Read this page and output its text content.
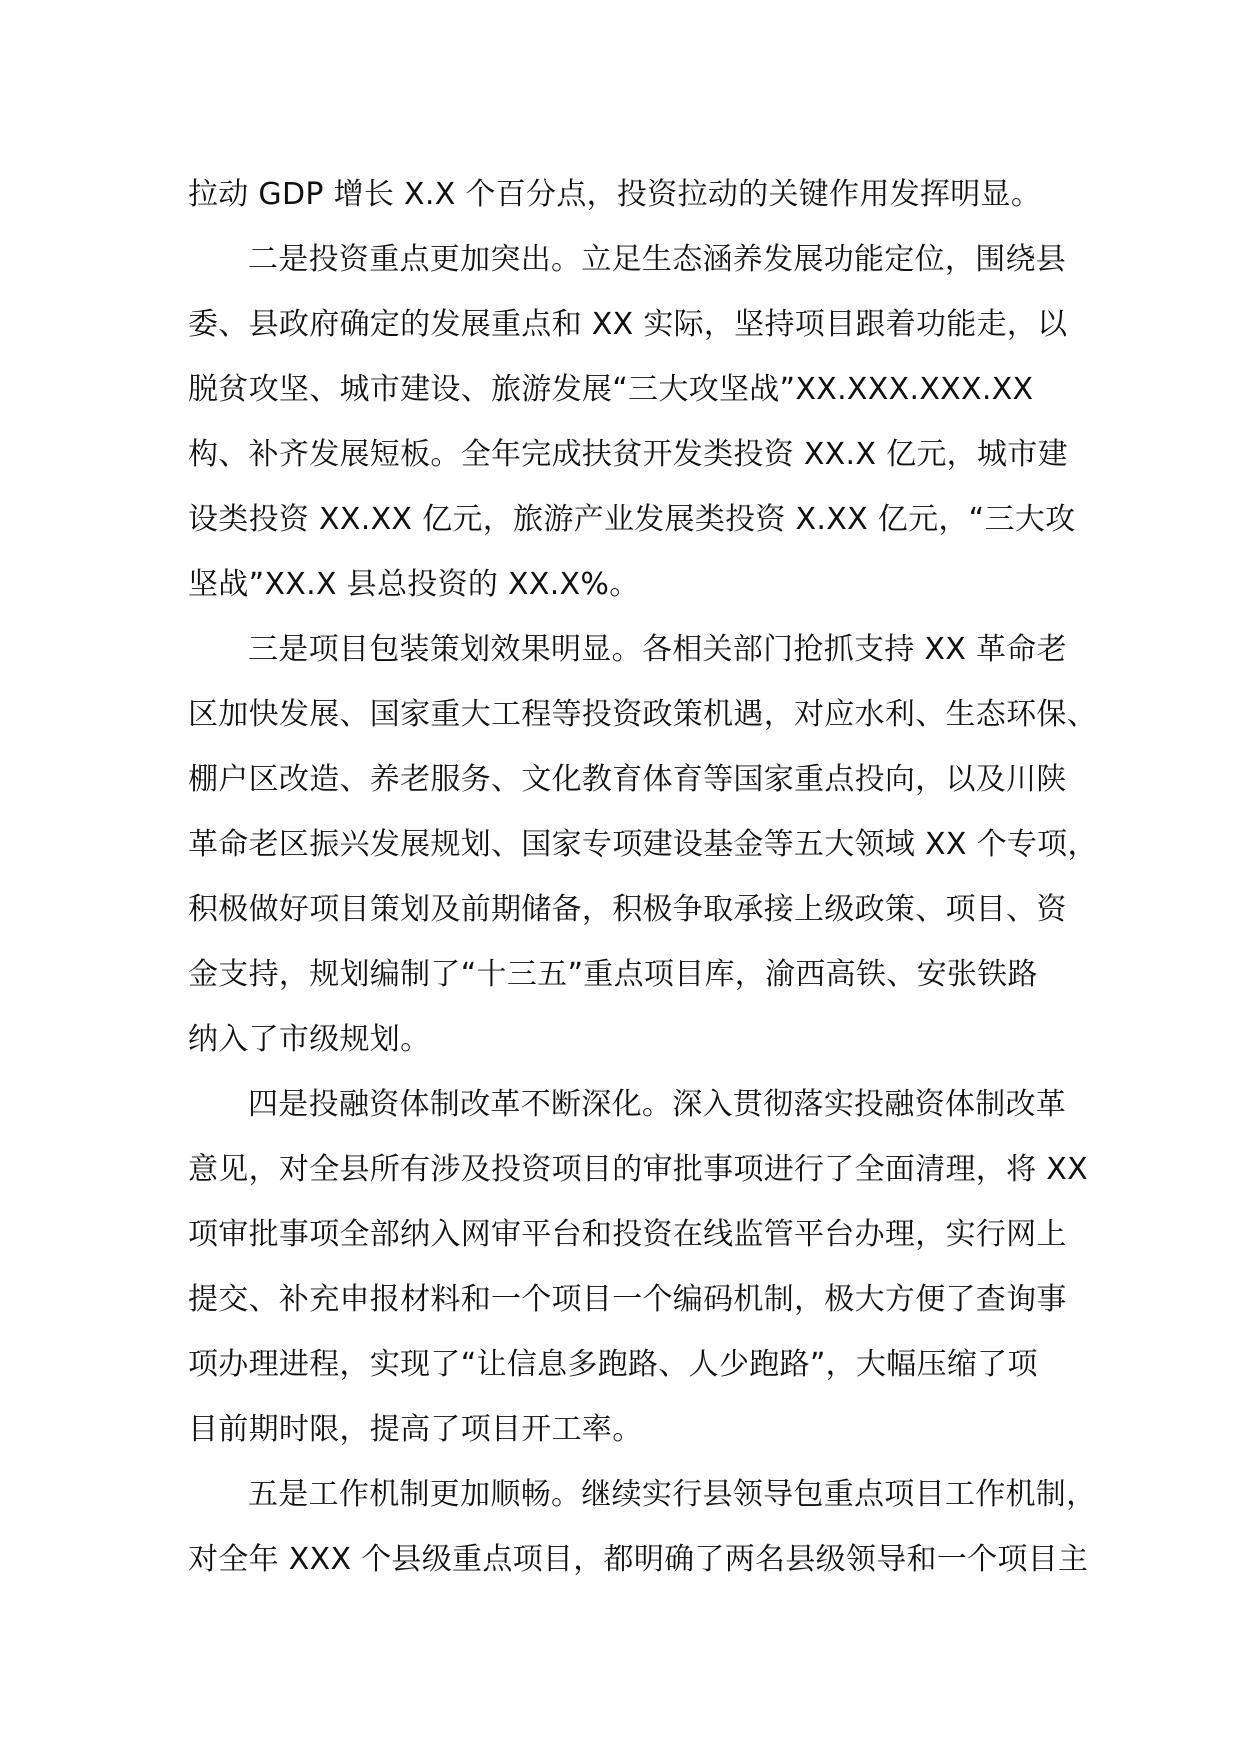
拉动 GDP 增长 X.X 个百分点，投资拉动的关键作用发挥明显。
二是投资重点更加突出。立足生态涵养发展功能定位，围绕县
委、县政府确定的发展重点和 XX 实际，坚持项目跟着功能走，以
脱贫攻坚、城市建设、旅游发展“三大攻坚战”XX.XXX.XXX.XX
构、补齐发展短板。全年完成扶贫开发类投资 XX.X 亿元，城市建
设类投资 XX.XX 亿元，旅游产业发展类投资 X.XX 亿元，“三大攻
坚战”XX.X 县总投资的 XX.X%。
三是项目包装策划效果明显。各相关部门抢抓支持 XX 革命老
区加快发展、国家重大工程等投资政策机遇，对应水利、生态环保、
棚户区改造、养老服务、文化教育体育等国家重点投向，以及川陕
革命老区振兴发展规划、国家专项建设基金等五大领域 XX 个专项，
积极做好项目策划及前期储备，积极争取承接上级政策、项目、资
金支持，规划编制了“十三五”重点项目库，渝西高铁、安张铁路
纳入了市级规划。
四是投融资体制改革不断深化。深入贯彻落实投融资体制改革
意见，对全县所有涉及投资项目的审批事项进行了全面清理，将 XX
项审批事项全部纳入网审平台和投资在线监管平台办理，实行网上
提交、补充申报材料和一个项目一个编码机制，极大方便了查询事
项办理进程，实现了“让信息多跑路、人少跑路”，大幅压缩了项
目前期时限，提高了项目开工率。
五是工作机制更加顺畅。继续实行县领导包重点项目工作机制，
对全年 XXX 个县级重点项目，都明确了两名县级领导和一个项目主
